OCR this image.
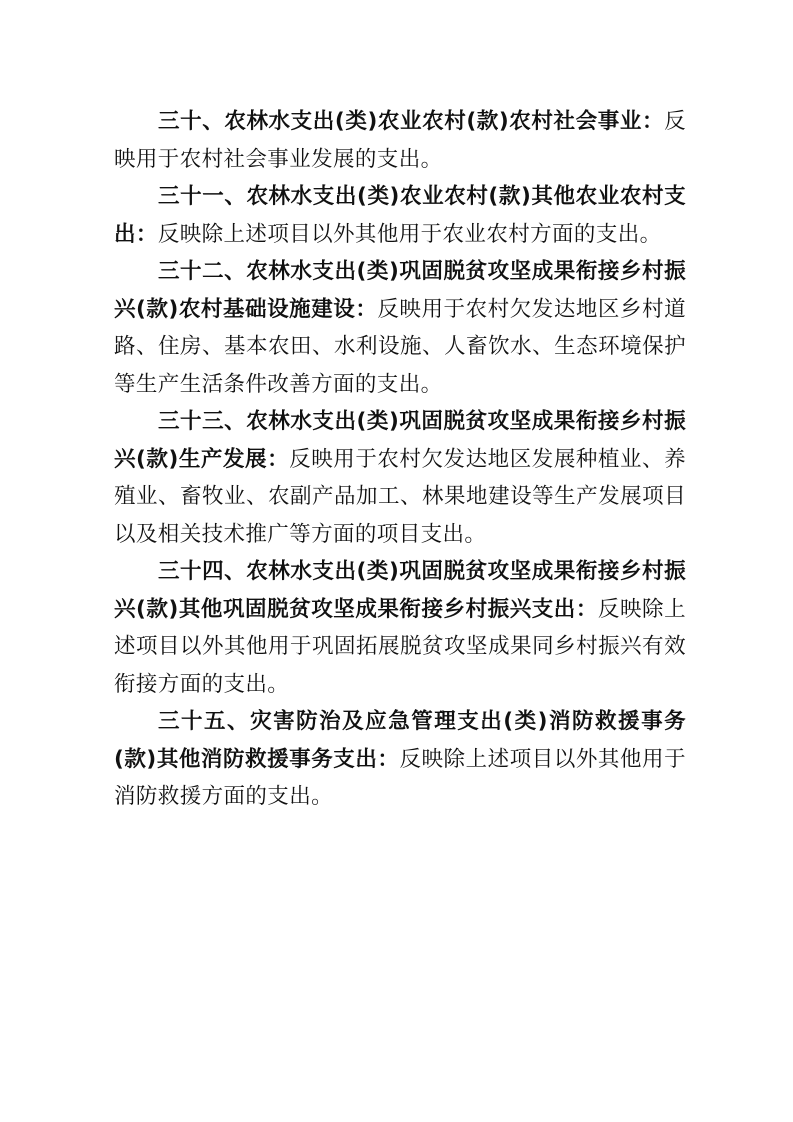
三十、农林水支出(类)农业农村(款)农村社会事业：反映用于农村社会事业发展的支出。

三十一、农林水支出(类)农业农村(款)其他农业农村支出：反映除上述项目以外其他用于农业农村方面的支出。

三十二、农林水支出(类)巩固脱贫攻坚成果衔接乡村振兴(款)农村基础设施建设：反映用于农村欠发达地区乡村道路、住房、基本农田、水利设施、人畜饮水、生态环境保护等生产生活条件改善方面的支出。

三十三、农林水支出(类)巩固脱贫攻坚成果衔接乡村振兴(款)生产发展：反映用于农村欠发达地区发展种植业、养殖业、畜牧业、农副产品加工、林果地建设等生产发展项目以及相关技术推广等方面的项目支出。

三十四、农林水支出(类)巩固脱贫攻坚成果衔接乡村振兴(款)其他巩固脱贫攻坚成果衔接乡村振兴支出：反映除上述项目以外其他用于巩固拓展脱贫攻坚成果同乡村振兴有效衔接方面的支出。

三十五、灾害防治及应急管理支出(类)消防救援事务(款)其他消防救援事务支出：反映除上述项目以外其他用于消防救援方面的支出。
